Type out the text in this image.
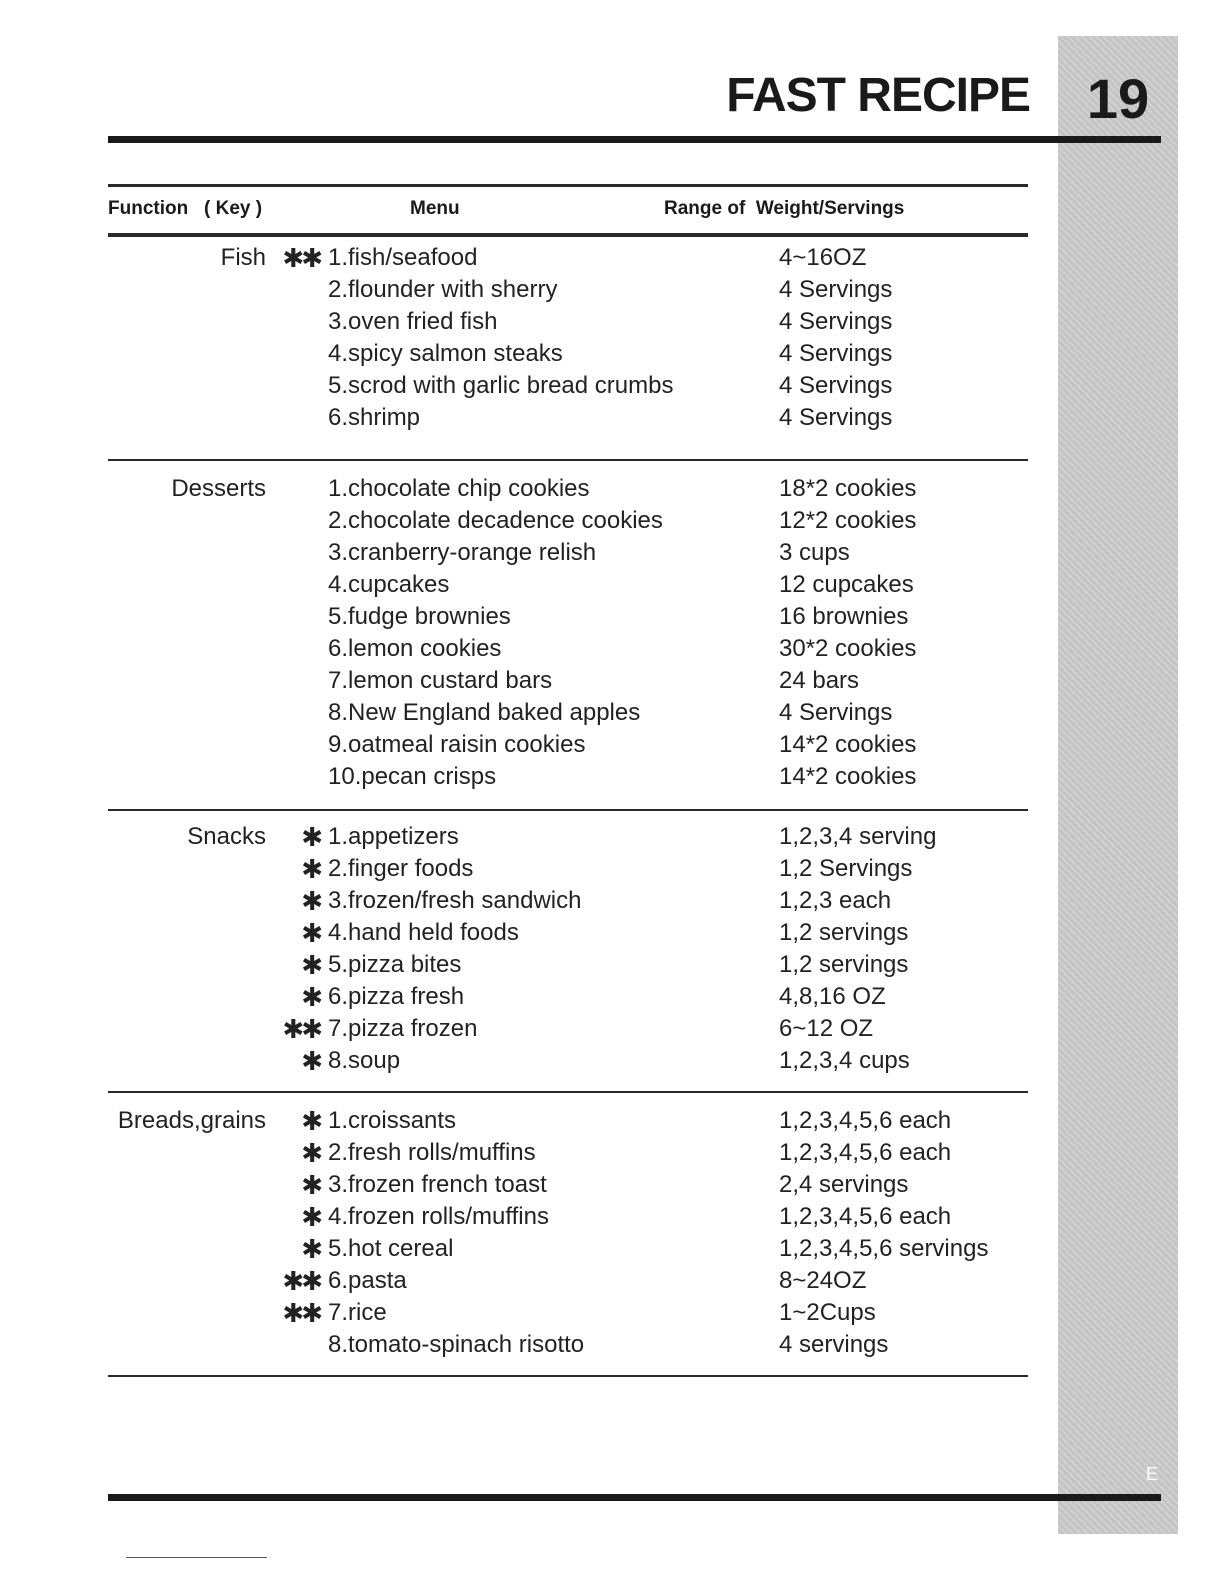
19
E
FAST RECIPE
Function   ( Key )	Menu	Range of  Weight/Servings
Fish ✱✱ 1.fish/seafood	4~16OZ
2.flounder with sherry	4 Servings
3.oven fried fish	4 Servings
4.spicy salmon steaks	4 Servings
5.scrod with garlic bread crumbs	4 Servings
6.shrimp	4 Servings
Desserts	1.chocolate chip cookies	18*2 cookies
2.chocolate decadence cookies	12*2 cookies
3.cranberry-orange relish	3 cups
4.cupcakes	12 cupcakes
5.fudge brownies	16 brownies
6.lemon cookies	30*2 cookies
7.lemon custard bars	24 bars
8.New England baked apples	4 Servings
9.oatmeal raisin cookies	14*2 cookies
10.pecan crisps	14*2 cookies
Snacks ✱ 1.appetizers	1,2,3,4 serving
✱ 2.finger foods	1,2 Servings
✱ 3.frozen/fresh sandwich	1,2,3 each
✱ 4.hand held foods	1,2 servings
✱ 5.pizza bites	1,2 servings
✱ 6.pizza fresh	4,8,16 OZ
✱✱ 7.pizza frozen	6~12 OZ
✱ 8.soup	1,2,3,4 cups
Breads,grains ✱ 1.croissants	1,2,3,4,5,6 each
✱ 2.fresh rolls/muffins	1,2,3,4,5,6 each
✱ 3.frozen french toast	2,4 servings
✱ 4.frozen rolls/muffins	1,2,3,4,5,6 each
✱ 5.hot cereal	1,2,3,4,5,6 servings
✱✱ 6.pasta	8~24OZ
✱✱ 7.rice	1~2Cups
8.tomato-spinach risotto	4 servings
